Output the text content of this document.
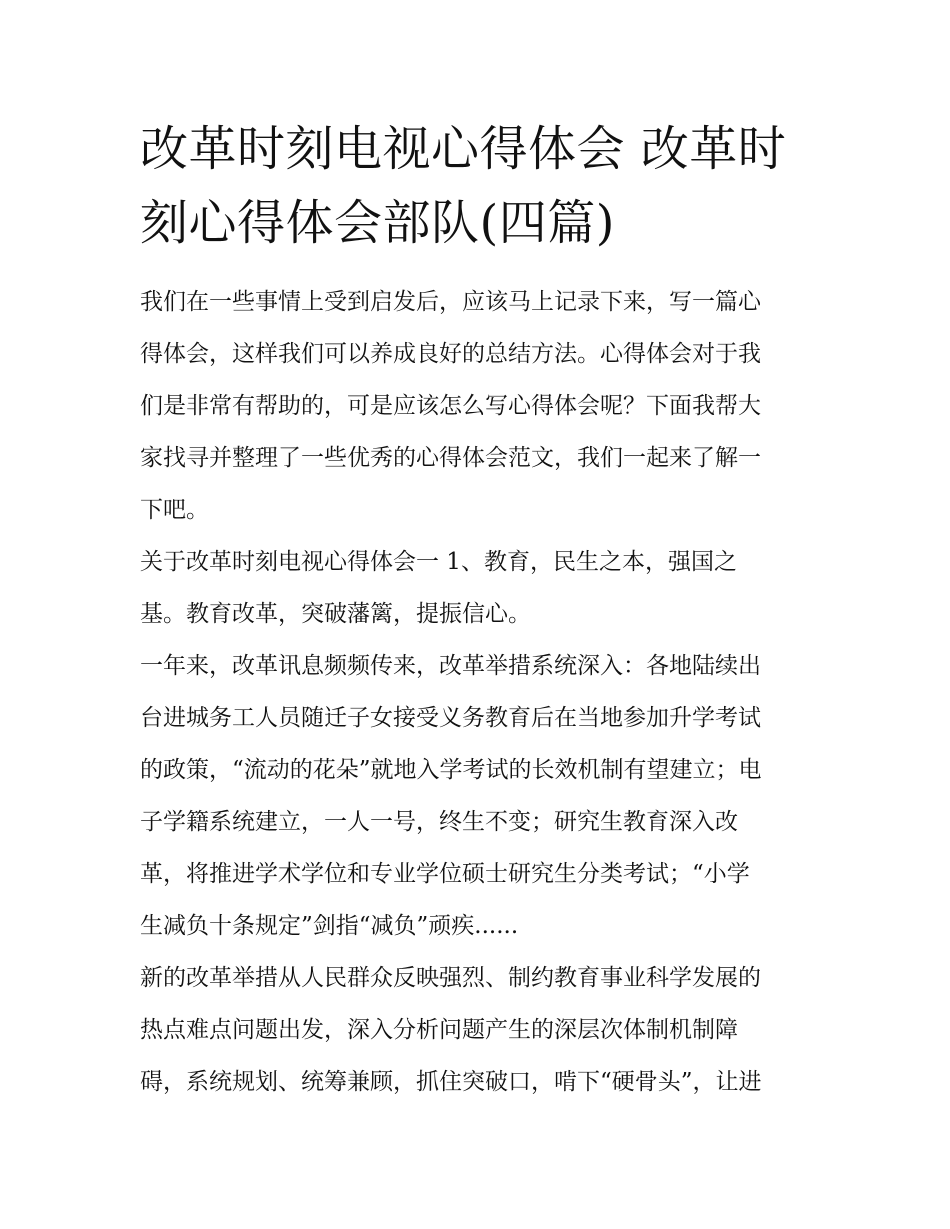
改革时刻电视心得体会 改革时
刻心得体会部队(四篇)

我们在一些事情上受到启发后，应该马上记录下来，写一篇心
得体会，这样我们可以养成良好的总结方法。心得体会对于我
们是非常有帮助的，可是应该怎么写心得体会呢？下面我帮大
家找寻并整理了一些优秀的心得体会范文，我们一起来了解一
下吧。

关于改革时刻电视心得体会一 1、教育，民生之本，强国之
基。教育改革，突破藩篱，提振信心。

一年来，改革讯息频频传来，改革举措系统深入：各地陆续出
台进城务工人员随迁子女接受义务教育后在当地参加升学考试
的政策，“流动的花朵”就地入学考试的长效机制有望建立；电
子学籍系统建立，一人一号，终生不变；研究生教育深入改
革，将推进学术学位和专业学位硕士研究生分类考试；“小学
生减负十条规定”剑指“减负”顽疾......

新的改革举措从人民群众反映强烈、制约教育事业科学发展的
热点难点问题出发，深入分析问题产生的深层次体制机制障
碍，系统规划、统筹兼顾，抓住突破口，啃下“硬骨头”，让进
